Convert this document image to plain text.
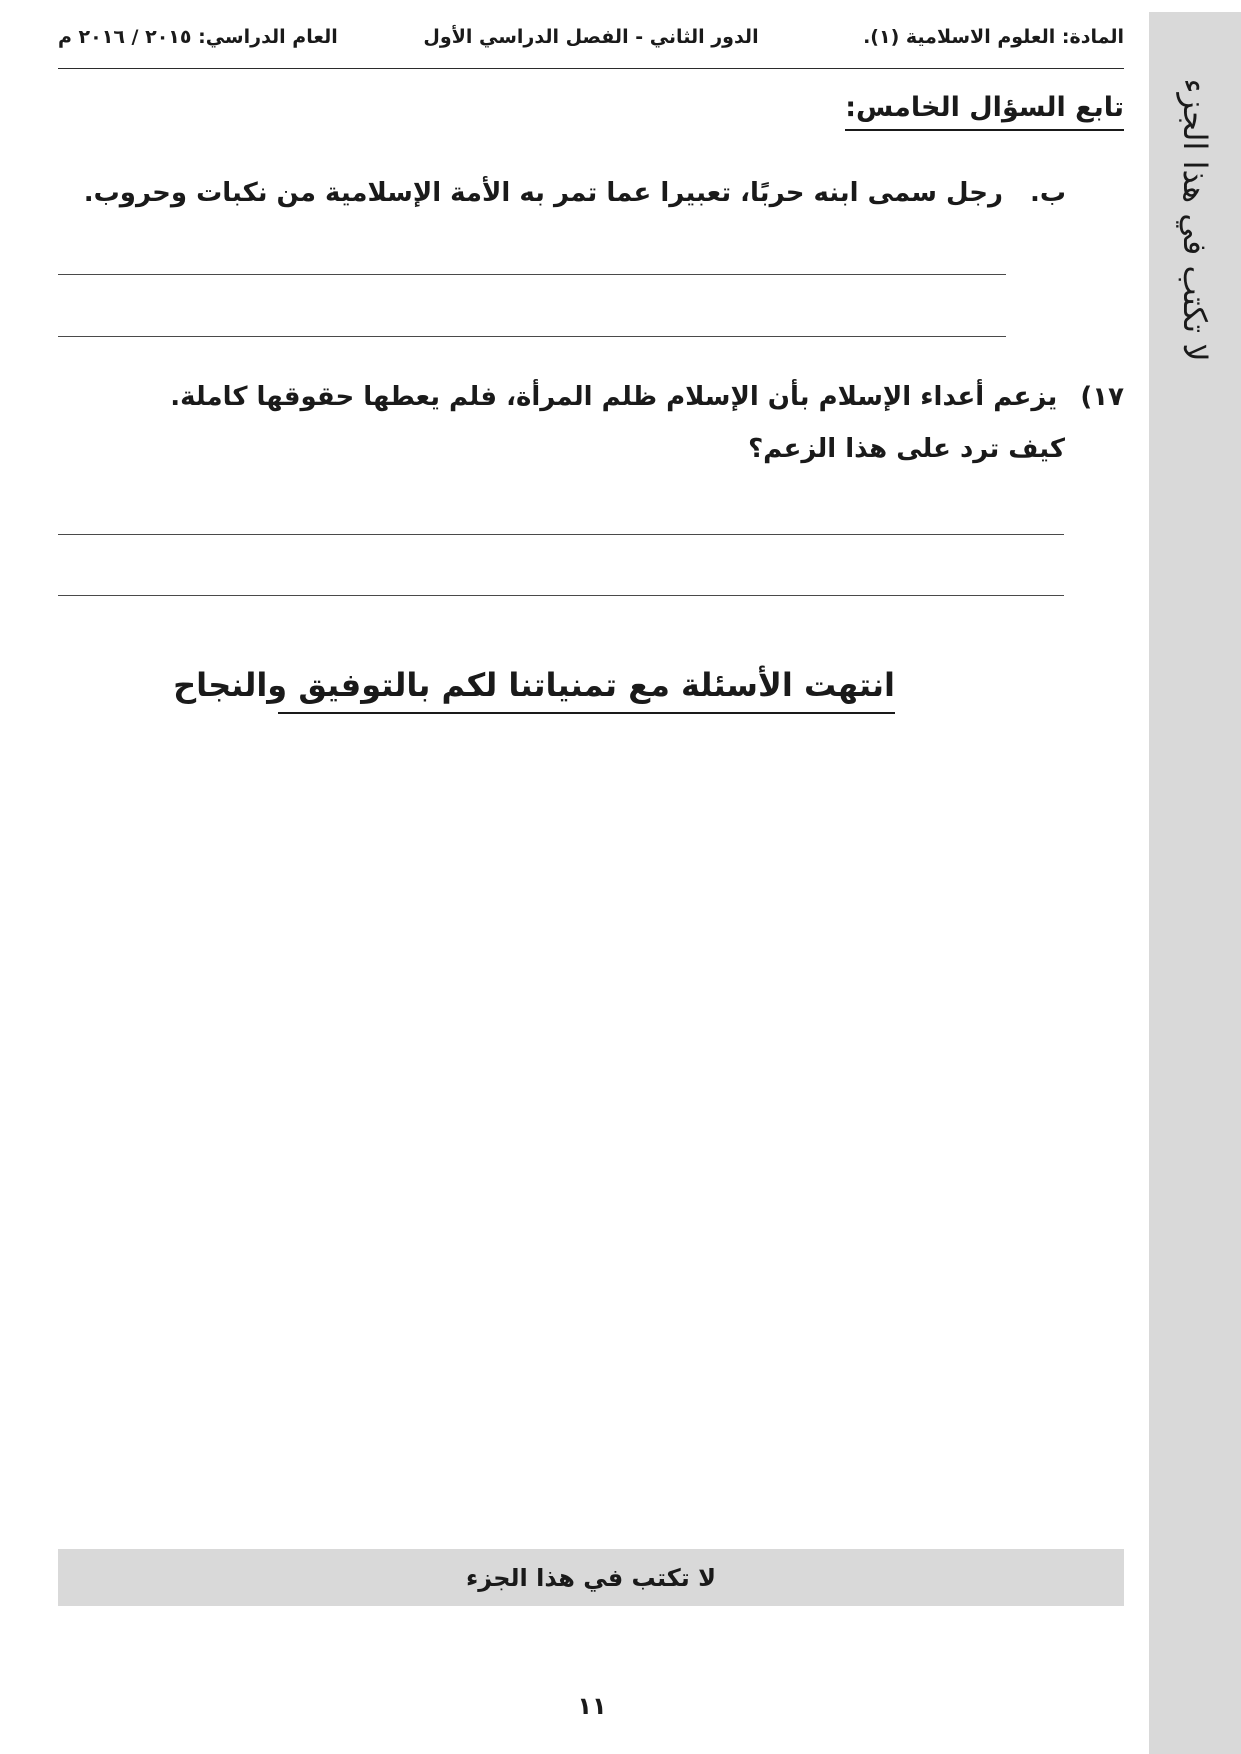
لا تكتب في هذا الجزء
المادة: العلوم الاسلامية (١).
الدور الثاني - الفصل الدراسي الأول
العام الدراسي: ٢٠١٥ / ٢٠١٦ م
تابع السؤال الخامس:
ب. رجل سمى ابنه حربًا، تعبيرا عما تمر به الأمة الإسلامية من نكبات وحروب.
١٧) يزعم أعداء الإسلام بأن الإسلام ظلم المرأة، فلم يعطها حقوقها كاملة.
كيف ترد على هذا الزعم؟
انتهت الأسئلة مع تمنياتنا لكم بالتوفيق والنجاح
لا تكتب في هذا الجزء
١١
